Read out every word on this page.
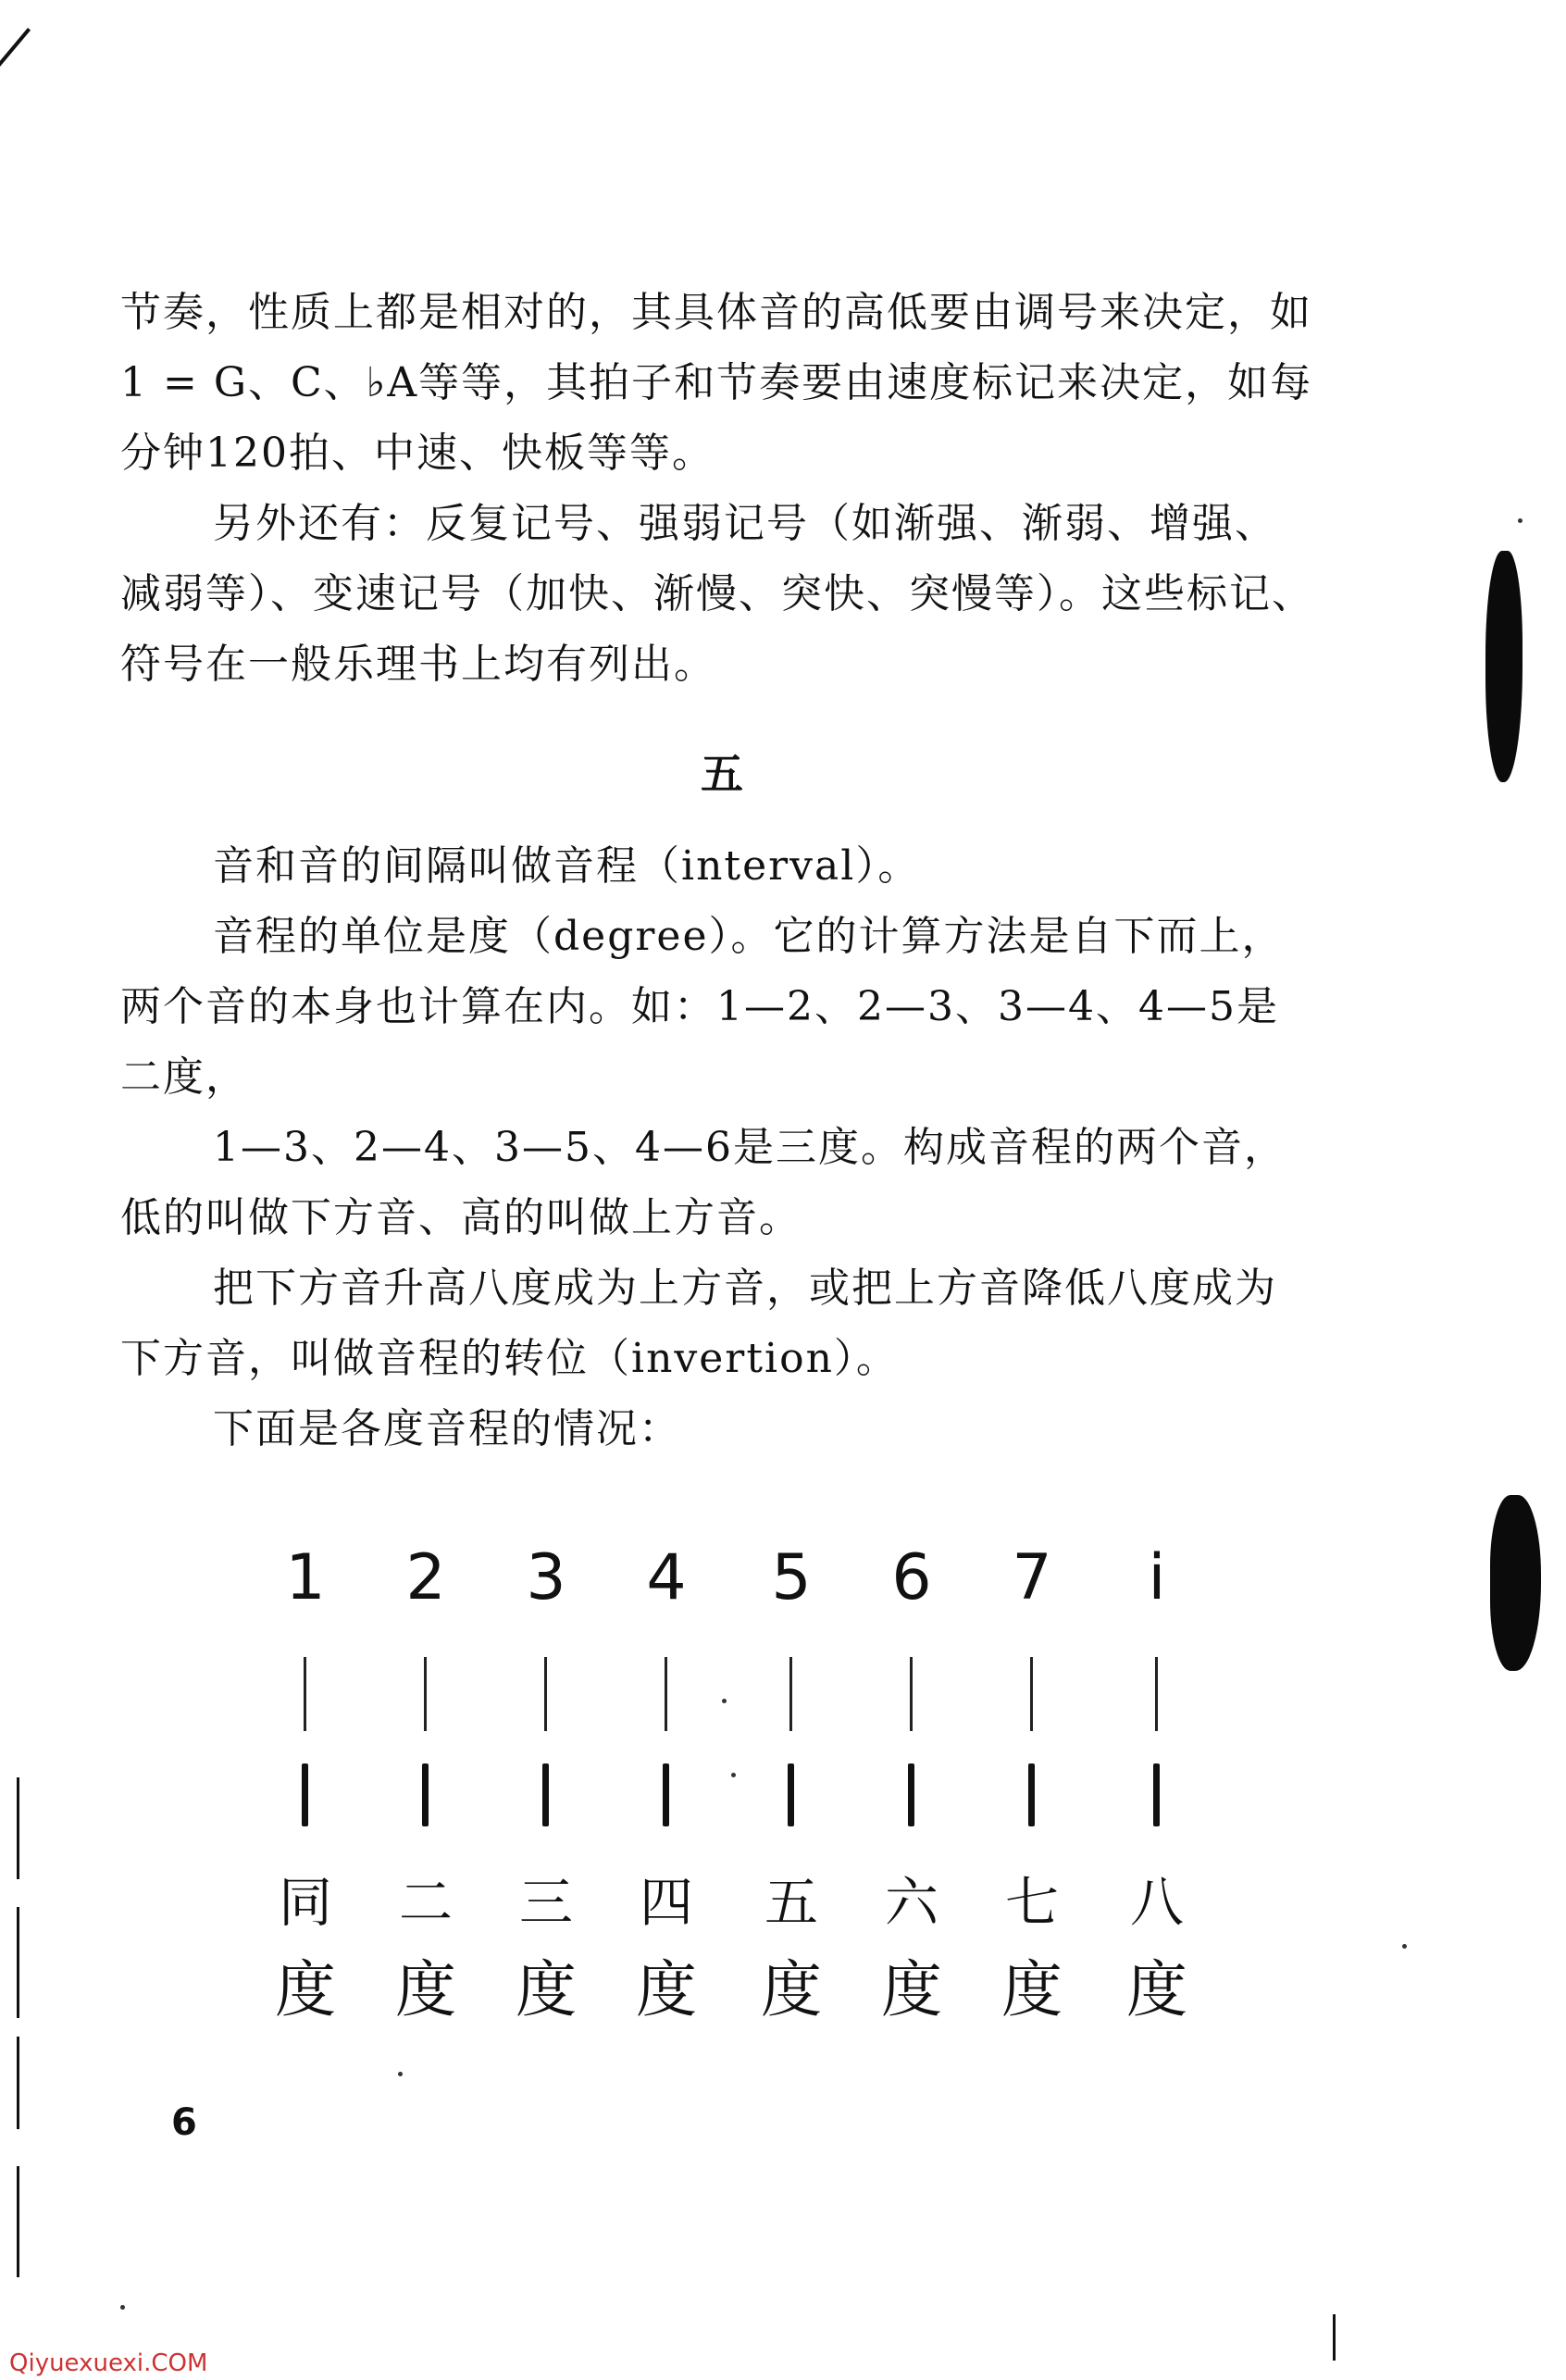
节奏，性质上都是相对的，其具体音的高低要由调号来决定，如 1 = G、C、♭A等等，其拍子和节奏要由速度标记来决定，如每分钟120拍、中速、快板等等。

另外还有：反复记号、强弱记号（如渐强、渐弱、增强、减弱等）、变速记号（加快、渐慢、突快、突慢等）。这些标记、符号在一般乐理书上均有列出。

五

音和音的间隔叫做音程（interval）。

音程的单位是度（degree）。它的计算方法是自下而上，两个音的本身也计算在内。如：1—2、2—3、3—4、4—5是二度，

1—3、2—4、3—5、4—6是三度。构成音程的两个音，低的叫做下方音、高的叫做上方音。

把下方音升高八度成为上方音，或把上方音降低八度成为下方音，叫做音程的转位（invertion）。

下面是各度音程的情况：

1
同
度
2
二
度
3
三
度
4
四
度
5
五
度
6
六
度
7
七
度
i
八
度
6
Qiyuexuexi.COM
